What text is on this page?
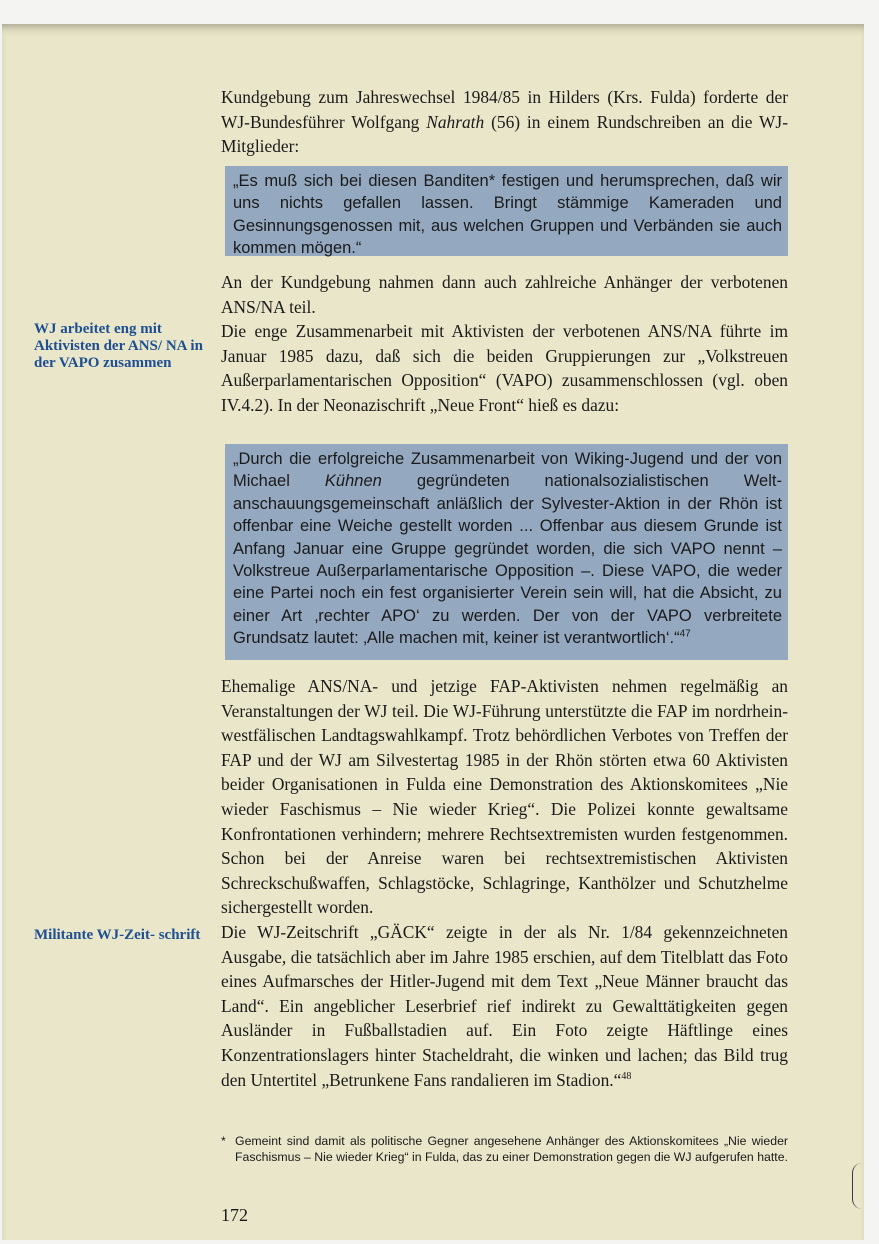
Kundgebung zum Jahreswechsel 1984/85 in Hilders (Krs. Fulda) forderte der WJ-Bundesführer Wolfgang Nahrath (56) in einem Rundschreiben an die WJ-Mitglieder:

„Es muß sich bei diesen Banditen* festigen und herumsprechen, daß wir uns nichts gefallen lassen. Bringt stämmige Kameraden und Gesinnungsgenossen mit, aus welchen Gruppen und Verbänden sie auch kommen mögen.“

An der Kundgebung nahmen dann auch zahlreiche Anhänger der verbotenen ANS/NA teil.

WJ arbeitet eng mit Aktivisten der ANS/ NA in der VAPO zusammen

Die enge Zusammenarbeit mit Aktivisten der verbotenen ANS/NA führte im Januar 1985 dazu, daß sich die beiden Gruppierungen zur „Volkstreuen Außerparlamentarischen Opposition“ (VAPO) zusammenschlossen (vgl. oben IV.4.2). In der Neonazischrift „Neue Front“ hieß es dazu:

„Durch die erfolgreiche Zusammenarbeit von Wiking-Jugend und der von Michael Kühnen gegründeten nationalsozialistischen Weltanschauungsgemeinschaft anläßlich der Sylvester-Aktion in der Rhön ist offenbar eine Weiche gestellt worden ... Offenbar aus diesem Grunde ist Anfang Januar eine Gruppe gegründet worden, die sich VAPO nennt – Volkstreue Außerparlamentarische Opposition –. Diese VAPO, die weder eine Partei noch ein fest organisierter Verein sein will, hat die Absicht, zu einer Art ‚rechter APO‘ zu werden. Der von der VAPO verbreitete Grundsatz lautet: ‚Alle machen mit, keiner ist verantwortlich‘.“$^{47}$

Ehemalige ANS/NA- und jetzige FAP-Aktivisten nehmen regelmäßig an Veranstaltungen der WJ teil. Die WJ-Führung unterstützte die FAP im nordrhein-westfälischen Landtagswahlkampf. Trotz behördlichen Verbotes von Treffen der FAP und der WJ am Silvestertag 1985 in der Rhön störten etwa 60 Aktivisten beider Organisationen in Fulda eine Demonstration des Aktionskomitees „Nie wieder Faschismus – Nie wieder Krieg“. Die Polizei konnte gewaltsame Konfrontationen verhindern; mehrere Rechtsextremisten wurden festgenommen. Schon bei der Anreise waren bei rechtsextremistischen Aktivisten Schreckschußwaffen, Schlagstöcke, Schlagringe, Kanthölzer und Schutzhelme sichergestellt worden.

Militante WJ-Zeit- schrift Die WJ-Zeitschrift „GÄCK“ zeigte in der als Nr. 1/84 gekennzeichneten Ausgabe, die tatsächlich aber im Jahre 1985 erschien, auf dem Titelblatt das Foto eines Aufmarsches der Hitler-Jugend mit dem Text „Neue Männer braucht das Land“. Ein angeblicher Leserbrief rief indirekt zu Gewalttätigkeiten gegen Ausländer in Fußballstadien auf. Ein Foto zeigte Häftlinge eines Konzentrationslagers hinter Stacheldraht, die winken und lachen; das Bild trug den Untertitel „Betrunkene Fans randalieren im Stadion.“$^{48}$

* Gemeint sind damit als politische Gegner angesehene Anhänger des Aktionskomitees „Nie wieder Faschismus – Nie wieder Krieg“ in Fulda, das zu einer Demonstration gegen die WJ aufgerufen hatte.
172
